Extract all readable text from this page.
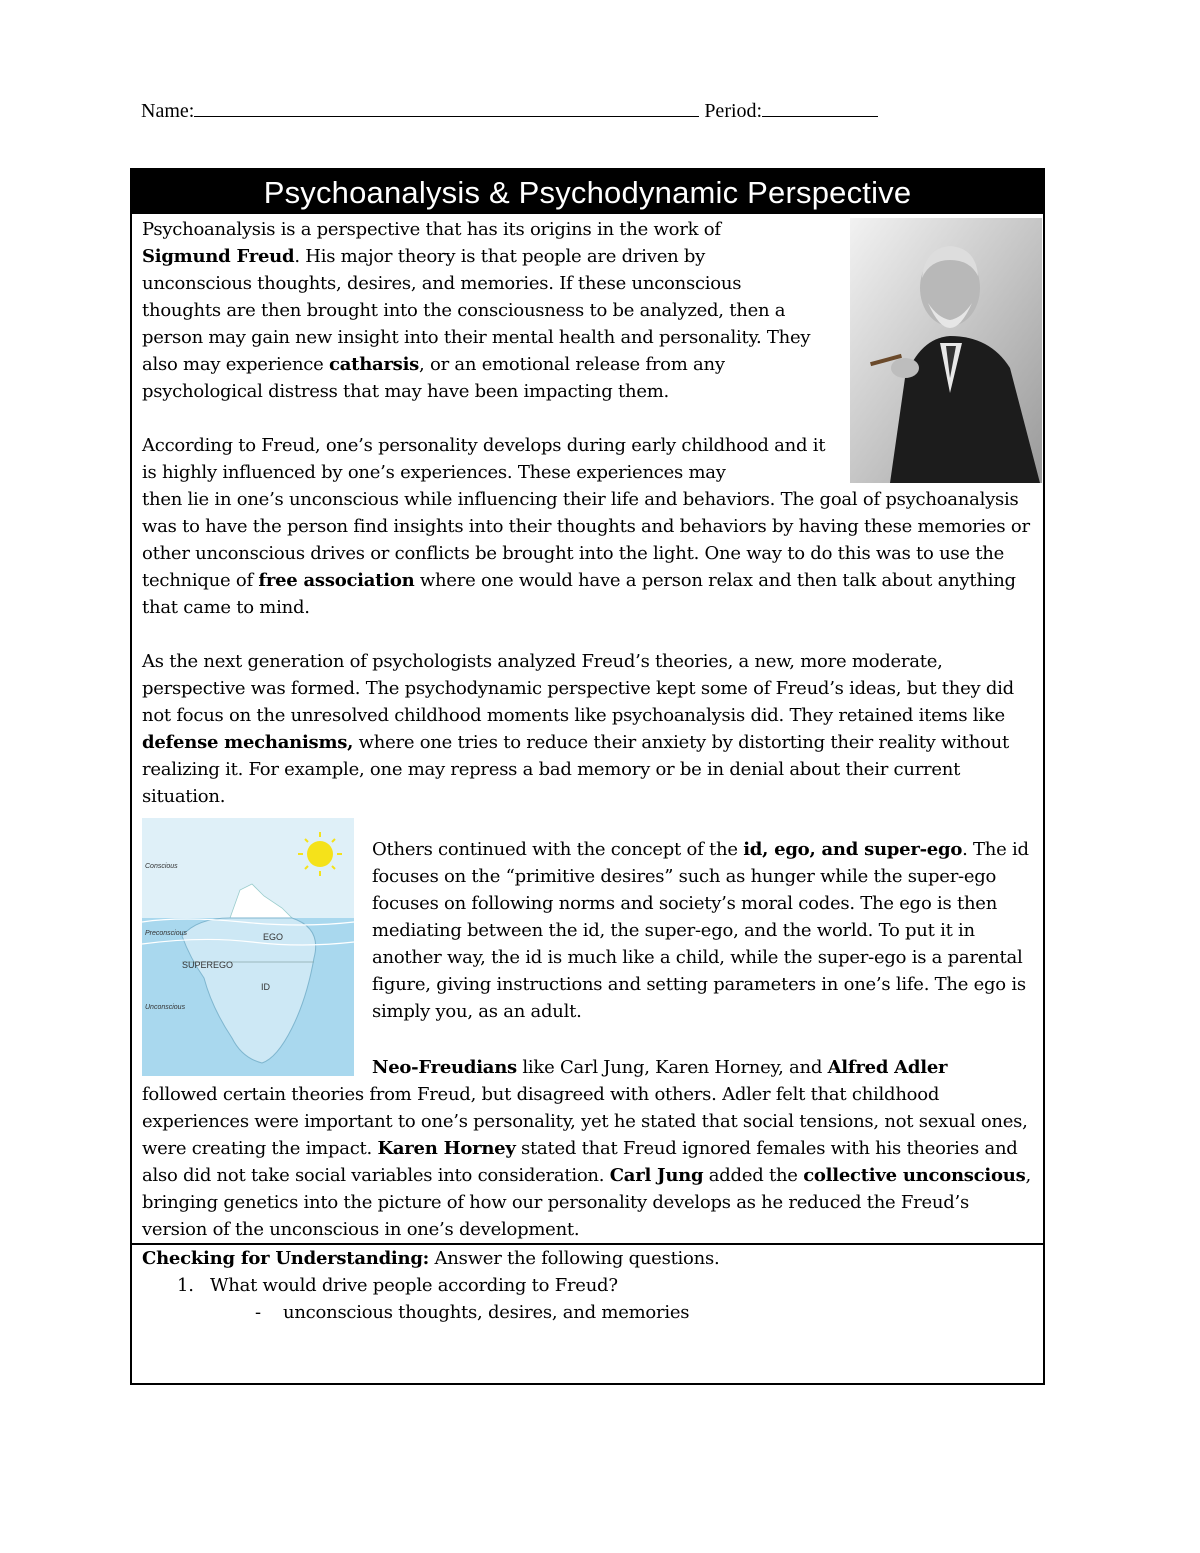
Name:	Period:
Psychoanalysis & Psychodynamic Perspective
Psychoanalysis is a perspective that has its origins in the work of Sigmund Freud. His major theory is that people are driven by unconscious thoughts, desires, and memories. If these unconscious thoughts are then brought into the consciousness to be analyzed, then a person may gain new insight into their mental health and personality. They also may experience catharsis, or an emotional release from any psychological distress that may have been impacting them.
According to Freud, one’s personality develops during early childhood and it is highly influenced by one’s experiences. These experiences may
then lie in one’s unconscious while influencing their life and behaviors. The goal of psychoanalysis was to have the person find insights into their thoughts and behaviors by having these memories or other unconscious drives or conflicts be brought into the light. One way to do this was to use the technique of free association where one would have a person relax and then talk about anything that came to mind.
As the next generation of psychologists analyzed Freud’s theories, a new, more moderate, perspective was formed. The psychodynamic perspective kept some of Freud’s ideas, but they did not focus on the unresolved childhood moments like psychoanalysis did. They retained items like defense mechanisms, where one tries to reduce their anxiety by distorting their reality without realizing it. For example, one may repress a bad memory or be in denial about their current situation.
Conscious
Preconscious
Unconscious
EGO
SUPEREGO
ID
Others continued with the concept of the id, ego, and super-ego. The id focuses on the “primitive desires” such as hunger while the super-ego focuses on following norms and society’s moral codes. The ego is then mediating between the id, the super-ego, and the world. To put it in another way, the id is much like a child, while the super-ego is a parental figure, giving instructions and setting parameters in one’s life. The ego is simply you, as an adult.
Neo-Freudians like Carl Jung, Karen Horney, and Alfred Adler
followed certain theories from Freud, but disagreed with others. Adler felt that childhood experiences were important to one’s personality, yet he stated that social tensions, not sexual ones, were creating the impact. Karen Horney stated that Freud ignored females with his theories and also did not take social variables into consideration. Carl Jung added the collective unconscious, bringing genetics into the picture of how our personality develops as he reduced the Freud’s version of the unconscious in one’s development.
Checking for Understanding: Answer the following questions.
1. What would drive people according to Freud?
- unconscious thoughts, desires, and memories
